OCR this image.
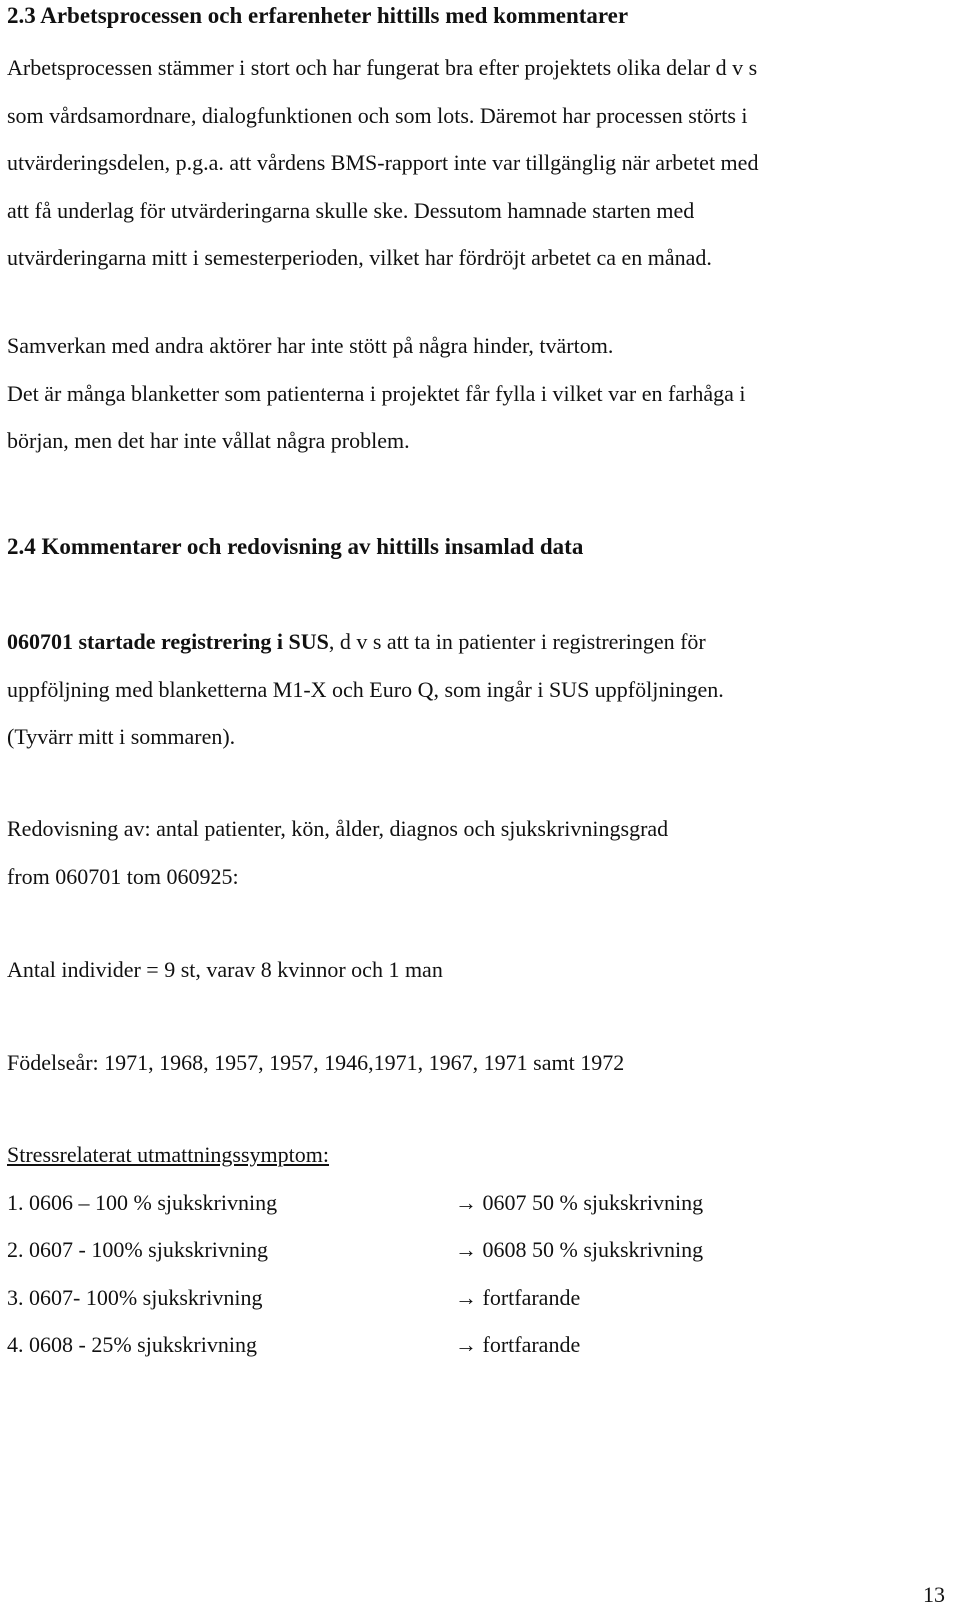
2.3 Arbetsprocessen och erfarenheter hittills med kommentarer

Arbetsprocessen stämmer i stort och har fungerat bra efter projektets olika delar d v s

som vårdsamordnare, dialogfunktionen och som lots. Däremot har processen störts i

utvärderingsdelen, p.g.a. att vårdens BMS-rapport inte var tillgänglig när arbetet med

att få underlag för utvärderingarna skulle ske. Dessutom hamnade starten med

utvärderingarna mitt i semesterperioden, vilket har fördröjt arbetet ca en månad.

Samverkan med andra aktörer har inte stött på några hinder, tvärtom.

Det är många blanketter som patienterna i projektet får fylla i vilket var en farhåga i

början, men det har inte vållat några problem.

2.4 Kommentarer och redovisning av hittills insamlad data

060701 startade registrering i SUS, d v s att ta in patienter i registreringen för

uppföljning med blanketterna M1-X och Euro Q, som ingår i SUS uppföljningen.

(Tyvärr mitt i sommaren).

Redovisning av: antal patienter, kön, ålder, diagnos och sjukskrivningsgrad

from 060701 tom 060925:

Antal individer = 9 st, varav 8 kvinnor och 1 man

Födelseår: 1971, 1968, 1957, 1957, 1946,1971, 1967, 1971 samt 1972

Stressrelaterat utmattningssymptom:

1. 0606 – 100 % sjukskrivning	→ 0607 50 % sjukskrivning
2. 0607 - 100% sjukskrivning	→ 0608 50 % sjukskrivning
3. 0607- 100% sjukskrivning	→ fortfarande
4. 0608 - 25% sjukskrivning	→ fortfarande
13
